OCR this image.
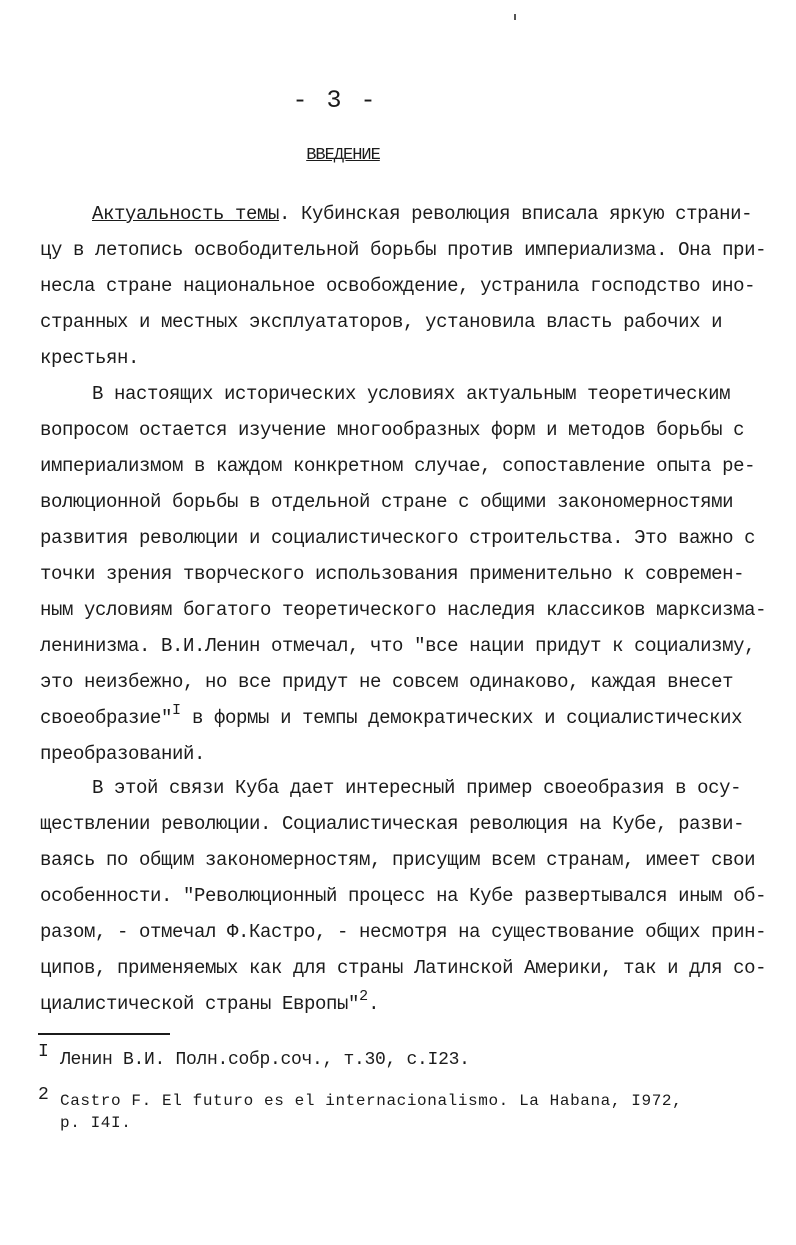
- 3 -
ВВЕДЕНИЕ
Актуальность темы. Кубинская революция вписала яркую страни-
цу в летопись освободительной борьбы против империализма. Она при-
несла стране национальное освобождение, устранила господство ино-
странных и местных эксплуататоров, установила власть рабочих и
крестьян.
В настоящих исторических условиях актуальным теоретическим
вопросом остается изучение многообразных форм и методов борьбы с
империализмом в каждом конкретном случае, сопоставление опыта ре-
волюционной борьбы в отдельной стране с общими закономерностями
развития революции и социалистического строительства. Это важно с
точки зрения творческого использования применительно к современ-
ным условиям богатого теоретического наследия классиков марксизма-
ленинизма. В.И.Ленин отмечал, что "все нации придут к социализму,
это неизбежно, но все придут не совсем одинаково, каждая внесет
своеобразие"$^I$ в формы и темпы демократических и социалистических
преобразований.
В этой связи Куба дает интересный пример своеобразия в осу-
ществлении революции. Социалистическая революция на Кубе, разви-
ваясь по общим закономерностям, присущим всем странам, имеет свои
особенности. "Революционный процесс на Кубе развертывался иным об-
разом, - отмечал Ф.Кастро, - несмотря на существование общих прин-
ципов, применяемых как для страны Латинской Америки, так и для со-
циалистической страны Европы"$^2$.
I Ленин В.И. Полн.собр.соч., т.30, с.I23.
2 Castro F. El futuro es el internacionalismo. La Habana, I972,
p. I4I.
